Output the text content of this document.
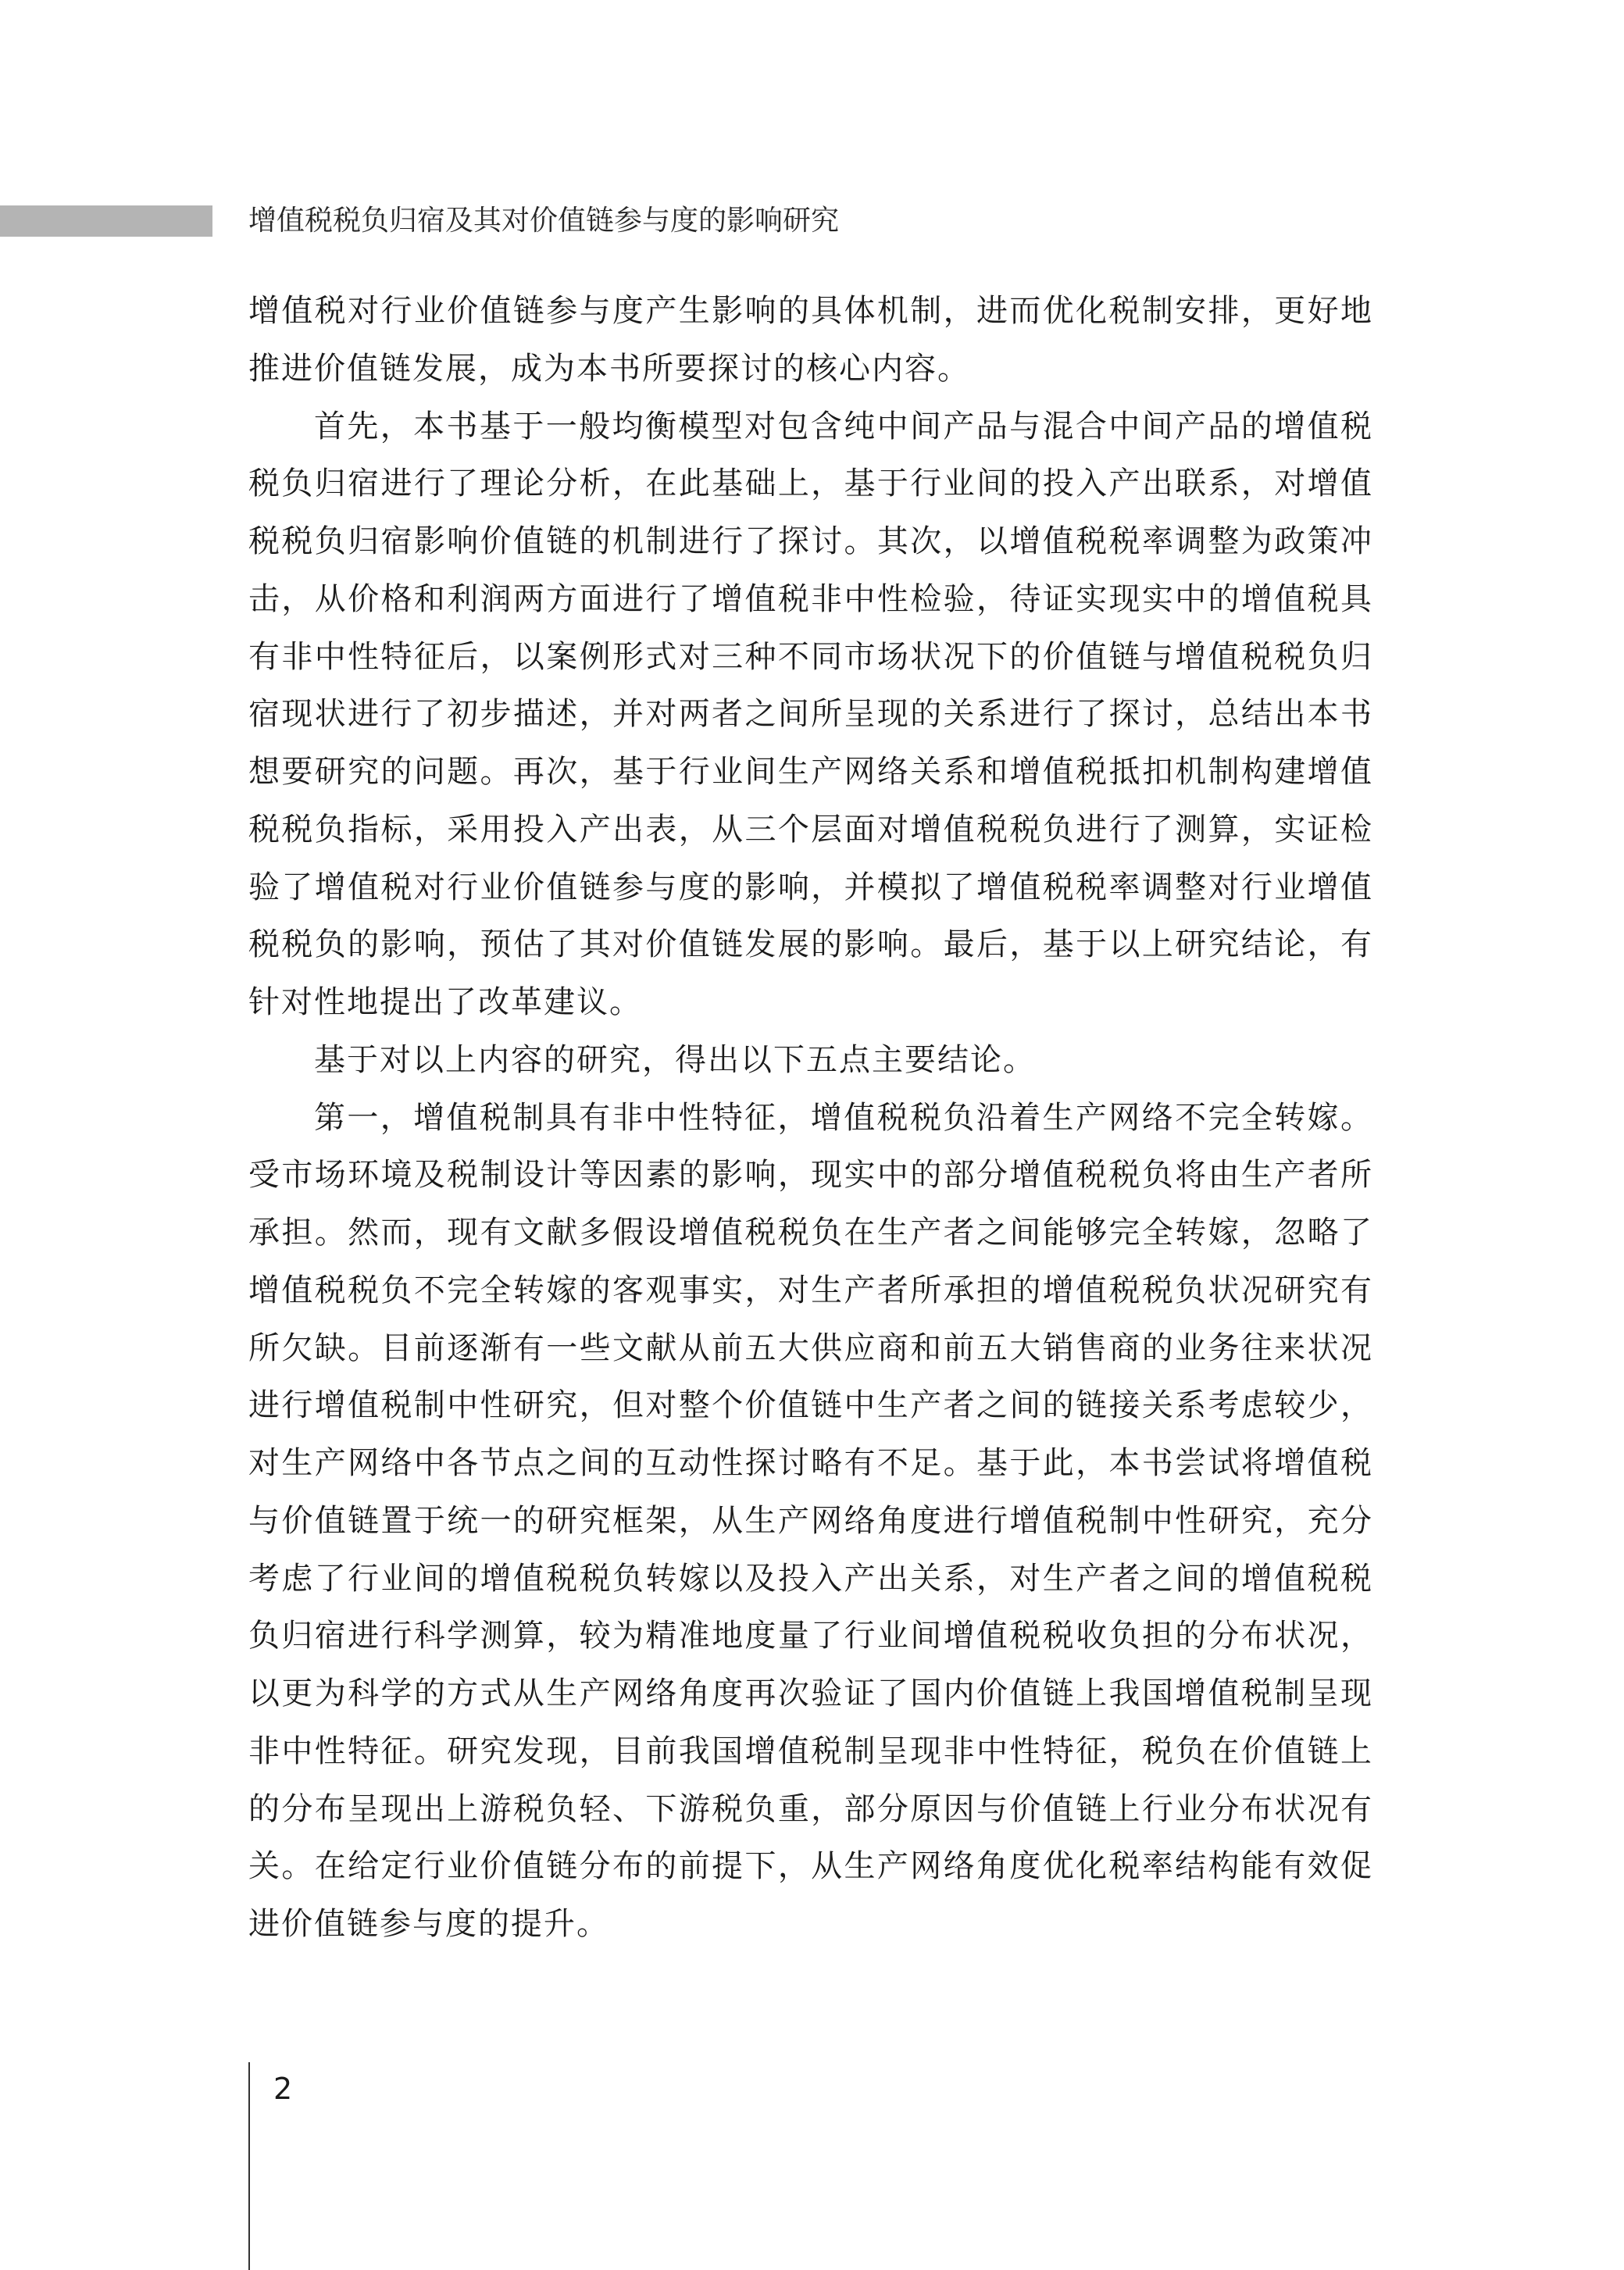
增值税税负归宿及其对价值链参与度的影响研究

增值税对行业价值链参与度产生影响的具体机制，进而优化税制安排，更好地推进价值链发展，成为本书所要探讨的核心内容。

首先，本书基于一般均衡模型对包含纯中间产品与混合中间产品的增值税税负归宿进行了理论分析，在此基础上，基于行业间的投入产出联系，对增值税税负归宿影响价值链的机制进行了探讨。其次，以增值税税率调整为政策冲击，从价格和利润两方面进行了增值税非中性检验，待证实现实中的增值税具有非中性特征后，以案例形式对三种不同市场状况下的价值链与增值税税负归宿现状进行了初步描述，并对两者之间所呈现的关系进行了探讨，总结出本书想要研究的问题。再次，基于行业间生产网络关系和增值税抵扣机制构建增值税税负指标，采用投入产出表，从三个层面对增值税税负进行了测算，实证检验了增值税对行业价值链参与度的影响，并模拟了增值税税率调整对行业增值税税负的影响，预估了其对价值链发展的影响。最后，基于以上研究结论，有针对性地提出了改革建议。

基于对以上内容的研究，得出以下五点主要结论。

第一，增值税制具有非中性特征，增值税税负沿着生产网络不完全转嫁。受市场环境及税制设计等因素的影响，现实中的部分增值税税负将由生产者所承担。然而，现有文献多假设增值税税负在生产者之间能够完全转嫁，忽略了增值税税负不完全转嫁的客观事实，对生产者所承担的增值税税负状况研究有所欠缺。目前逐渐有一些文献从前五大供应商和前五大销售商的业务往来状况进行增值税制中性研究，但对整个价值链中生产者之间的链接关系考虑较少，对生产网络中各节点之间的互动性探讨略有不足。基于此，本书尝试将增值税与价值链置于统一的研究框架，从生产网络角度进行增值税制中性研究，充分考虑了行业间的增值税税负转嫁以及投入产出关系，对生产者之间的增值税税负归宿进行科学测算，较为精准地度量了行业间增值税税收负担的分布状况，以更为科学的方式从生产网络角度再次验证了国内价值链上我国增值税制呈现非中性特征。研究发现，目前我国增值税制呈现非中性特征，税负在价值链上的分布呈现出上游税负轻、下游税负重，部分原因与价值链上行业分布状况有关。在给定行业价值链分布的前提下，从生产网络角度优化税率结构能有效促进价值链参与度的提升。

2
